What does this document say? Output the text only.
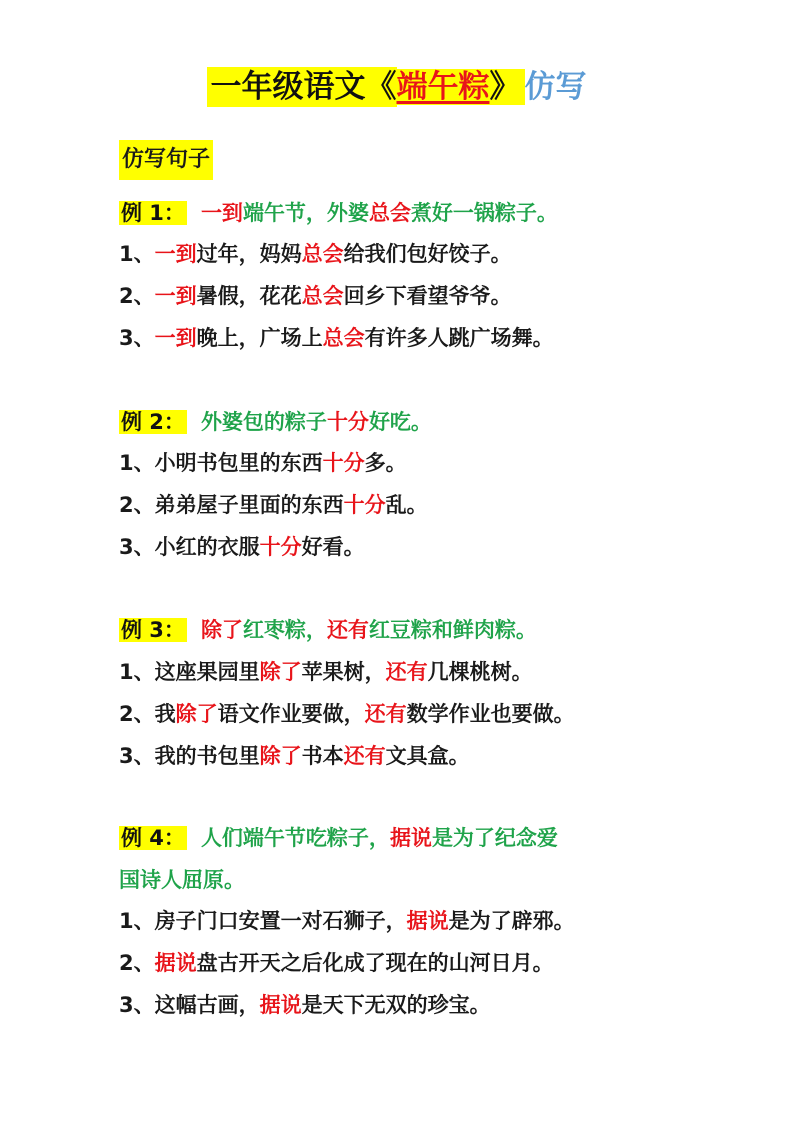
一年级语文《端午粽》 仿写
仿写句子
例 1： 一到端午节，外婆总会煮好一锅粽子。
1、一到过年，妈妈总会给我们包好饺子。
2、一到暑假，花花总会回乡下看望爷爷。
3、一到晚上，广场上总会有许多人跳广场舞。
例 2： 外婆包的粽子十分好吃。
1、小明书包里的东西十分多。
2、弟弟屋子里面的东西十分乱。
3、小红的衣服十分好看。
例 3： 除了红枣粽，还有红豆粽和鲜肉粽。
1、这座果园里除了苹果树，还有几棵桃树。
2、我除了语文作业要做，还有数学作业也要做。
3、我的书包里除了书本还有文具盒。
例 4： 人们端午节吃粽子，据说是为了纪念爱
国诗人屈原。
1、房子门口安置一对石狮子，据说是为了辟邪。
2、据说盘古开天之后化成了现在的山河日月。
3、这幅古画，据说是天下无双的珍宝。
